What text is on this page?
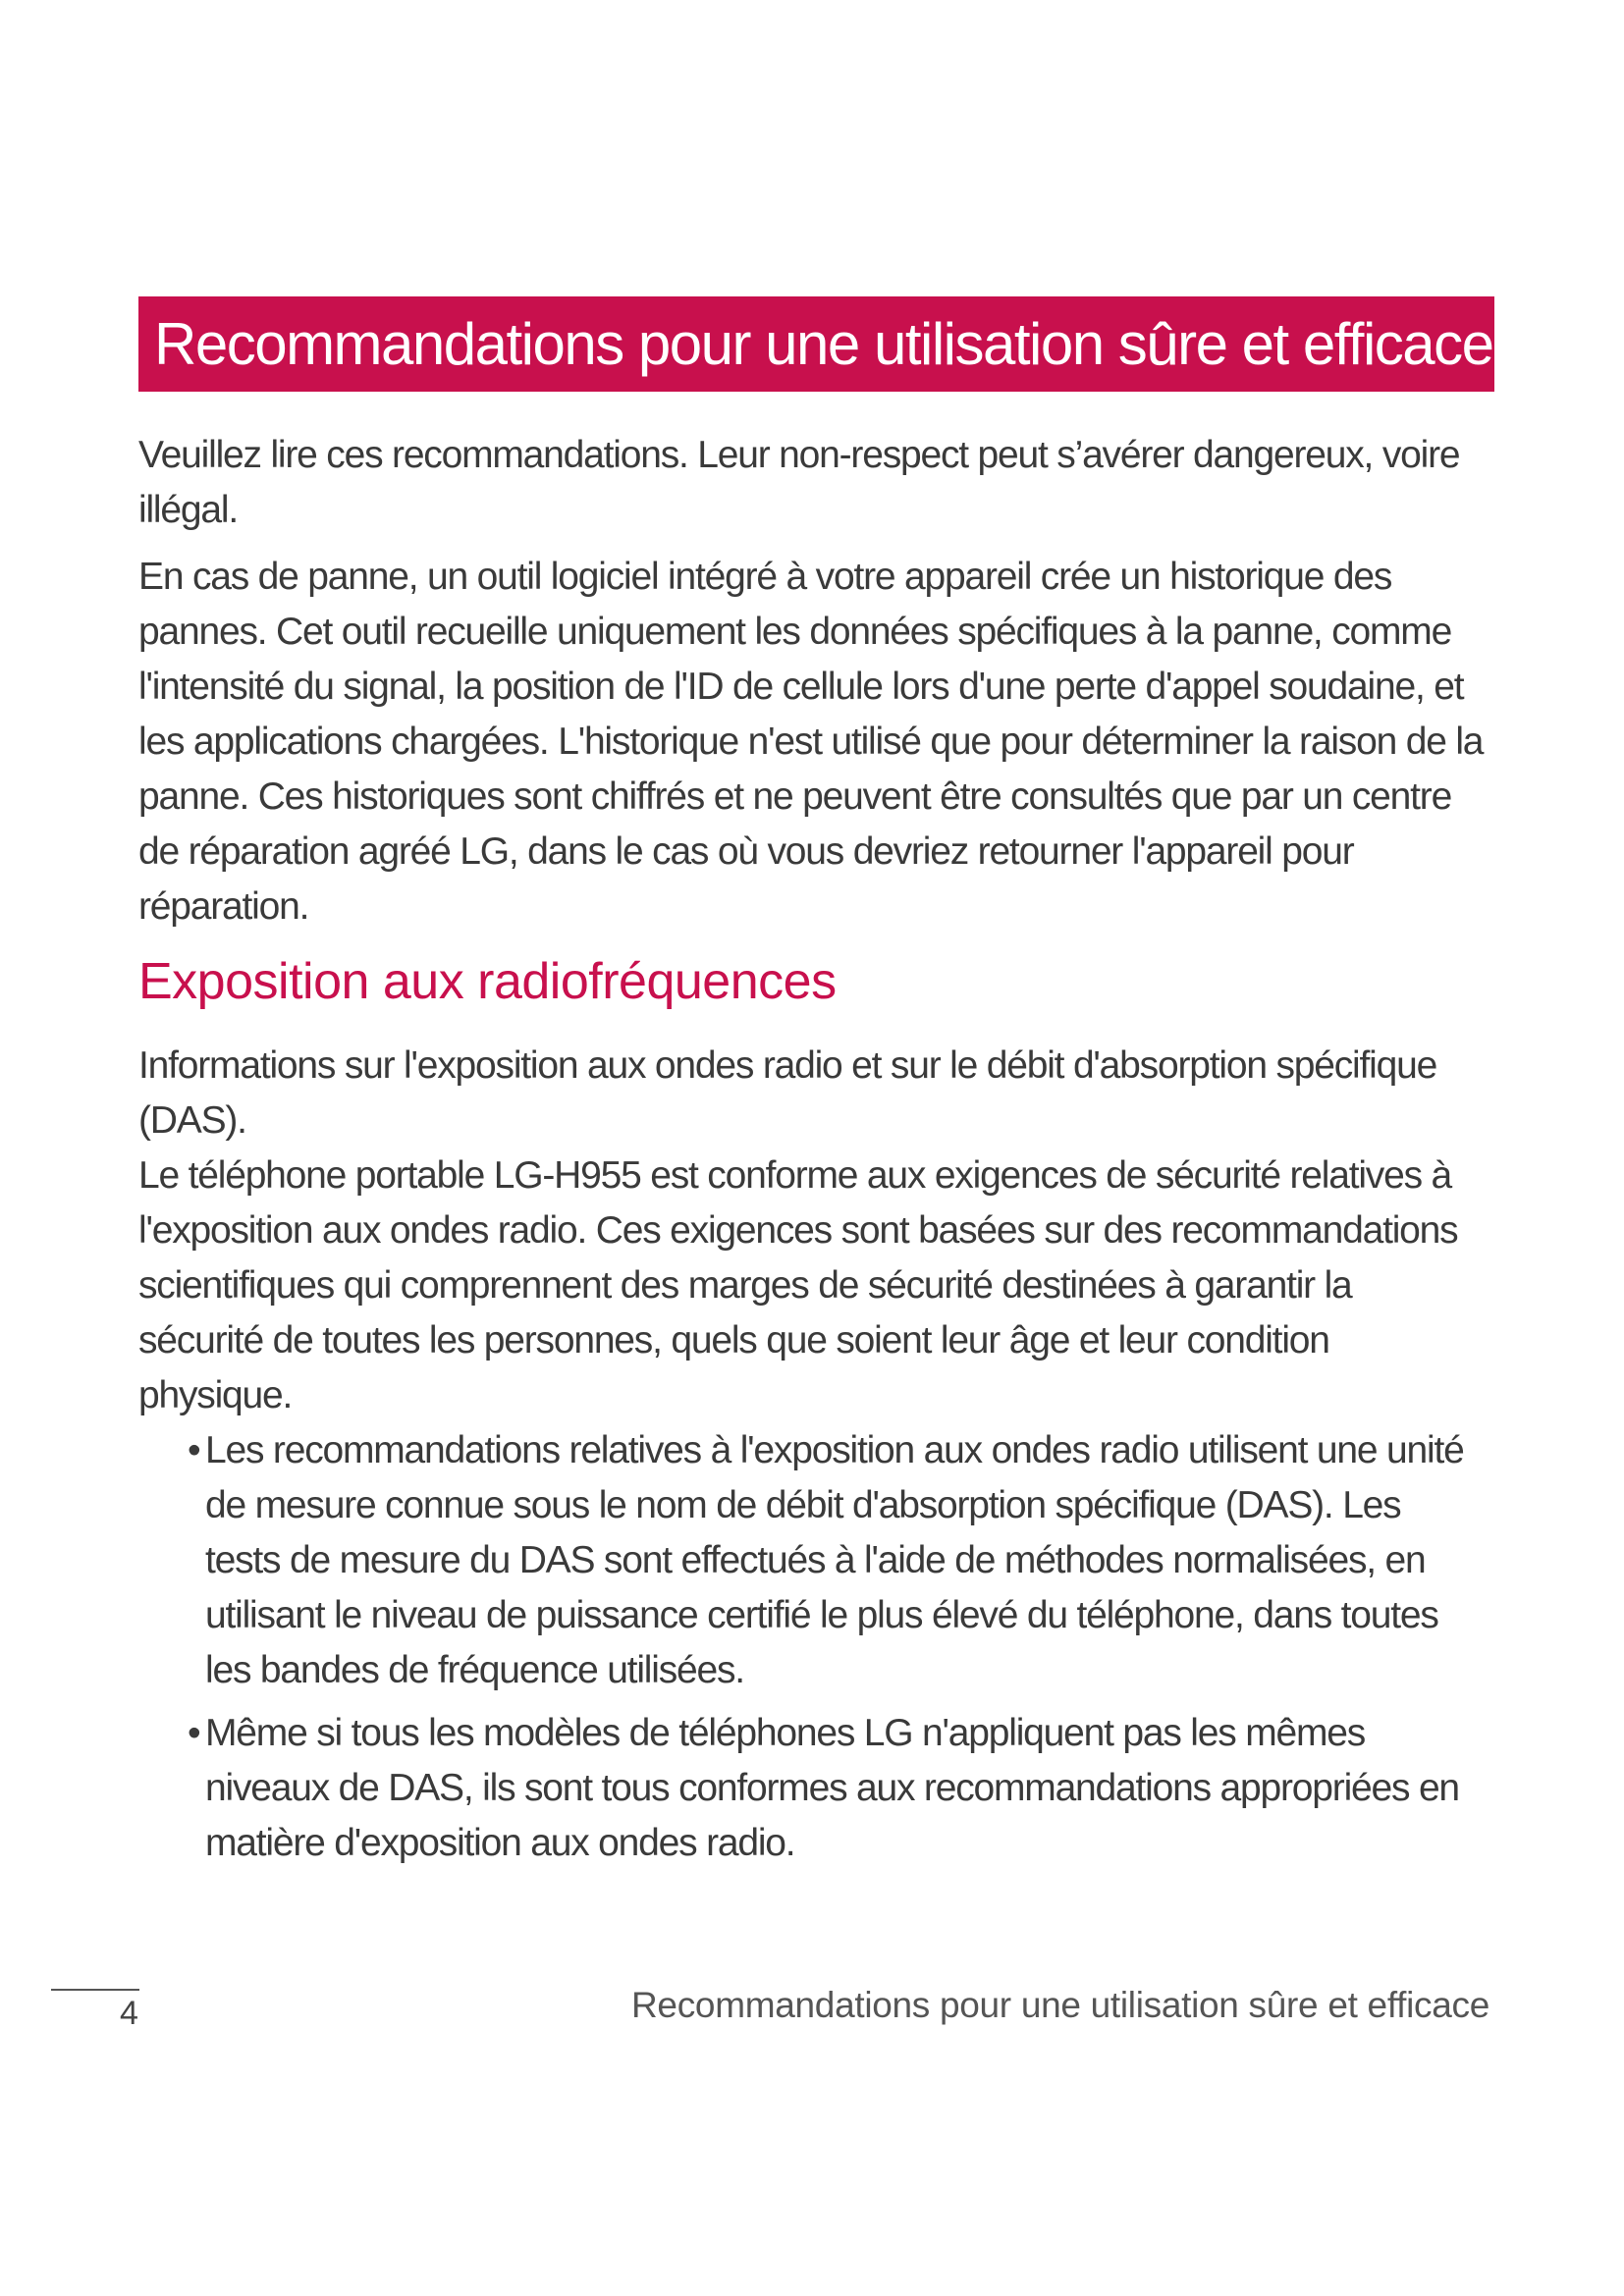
Recommandations pour une utilisation sûre et efficace

Veuillez lire ces recommandations. Leur non-respect peut s’avérer dangereux, voire illégal.

En cas de panne, un outil logiciel intégré à votre appareil crée un historique des pannes. Cet outil recueille uniquement les données spécifiques à la panne, comme l'intensité du signal, la position de l'ID de cellule lors d'une perte d'appel soudaine, et les applications chargées. L'historique n'est utilisé que pour déterminer la raison de la panne. Ces historiques sont chiffrés et ne peuvent être consultés que par un centre de réparation agréé LG, dans le cas où vous devriez retourner l'appareil pour réparation.

Exposition aux radiofréquences

Informations sur l'exposition aux ondes radio et sur le débit d'absorption spécifique (DAS).

Le téléphone portable LG-H955 est conforme aux exigences de sécurité relatives à l'exposition aux ondes radio. Ces exigences sont basées sur des recommandations scientifiques qui comprennent des marges de sécurité destinées à garantir la sécurité de toutes les personnes, quels que soient leur âge et leur condition physique.

• Les recommandations relatives à l'exposition aux ondes radio utilisent une unité de mesure connue sous le nom de débit d'absorption spécifique (DAS). Les tests de mesure du DAS sont effectués à l'aide de méthodes normalisées, en utilisant le niveau de puissance certifié le plus élevé du téléphone, dans toutes les bandes de fréquence utilisées.
• Même si tous les modèles de téléphones LG n'appliquent pas les mêmes niveaux de DAS, ils sont tous conformes aux recommandations appropriées en matière d'exposition aux ondes radio.
4	Recommandations pour une utilisation sûre et efficace
